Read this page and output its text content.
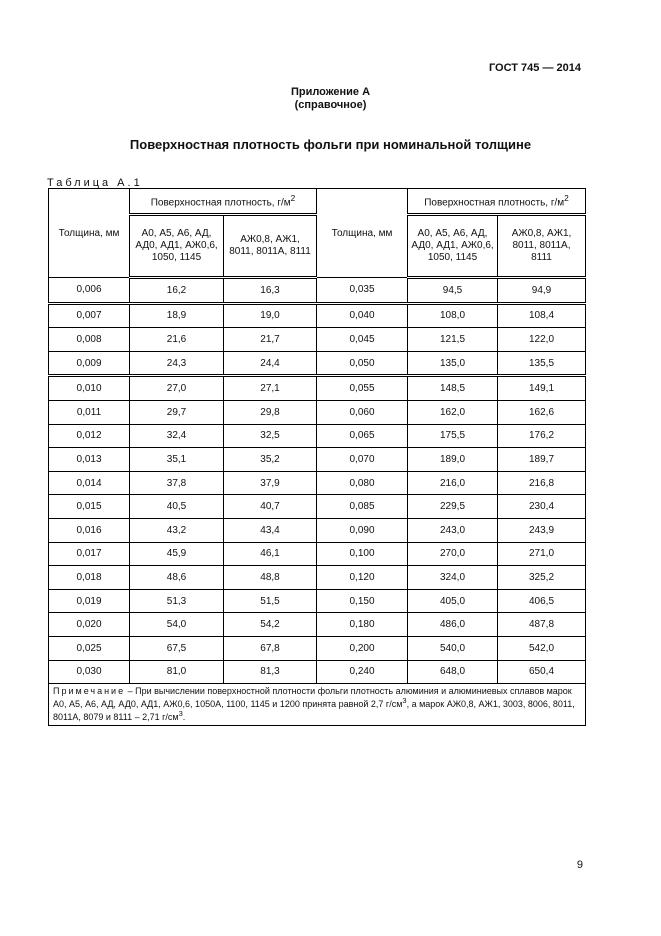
ГОСТ 745 — 2014
Приложение А
(справочное)
Поверхностная плотность фольги при номинальной толщине
Таблица А.1
Толщина, мм	Поверхностная плотность, $г/м^2$		Толщина, мм	Поверхностная плотность, $г/м^2$
	А0, А5, А6, АД, АД0, АД1, АЖ0,6, 1050, 1145	АЖ0,8, АЖ1, 8011, 8011А, 8111		А0, А5, А6, АД, АД0, АД1, АЖ0,6, 1050, 1145	АЖ0,8, АЖ1, 8011, 8011А, 8111
0,006	16,2	16,3	0,035	94,5	94,9
0,007	18,9	19,0	0,040	108,0	108,4
0,008	21,6	21,7	0,045	121,5	122,0
0,009	24,3	24,4	0,050	135,0	135,5
0,010	27,0	27,1	0,055	148,5	149,1
0,011	29,7	29,8	0,060	162,0	162,6
0,012	32,4	32,5	0,065	175,5	176,2
0,013	35,1	35,2	0,070	189,0	189,7
0,014	37,8	37,9	0,080	216,0	216,8
0,015	40,5	40,7	0,085	229,5	230,4
0,016	43,2	43,4	0,090	243,0	243,9
0,017	45,9	46,1	0,100	270,0	271,0
0,018	48,6	48,8	0,120	324,0	325,2
0,019	51,3	51,5	0,150	405,0	406,5
0,020	54,0	54,2	0,180	486,0	487,8
0,025	67,5	67,8	0,200	540,0	542,0
0,030	81,0	81,3	0,240	648,0	650,4
Примечание – При вычислении поверхностной плотности фольги плотность алюминия и алюминиевых сплавов марок А0, А5, А6, АД, АД0, АД1, АЖ0,6, 1050А, 1100, 1145 и 1200 принята равной 2,7 $г/см^3$, а марок АЖ0,8, АЖ1, 3003, 8006, 8011, 8011А, 8079 и 8111 – 2,71 $г/см^3$.					
9
